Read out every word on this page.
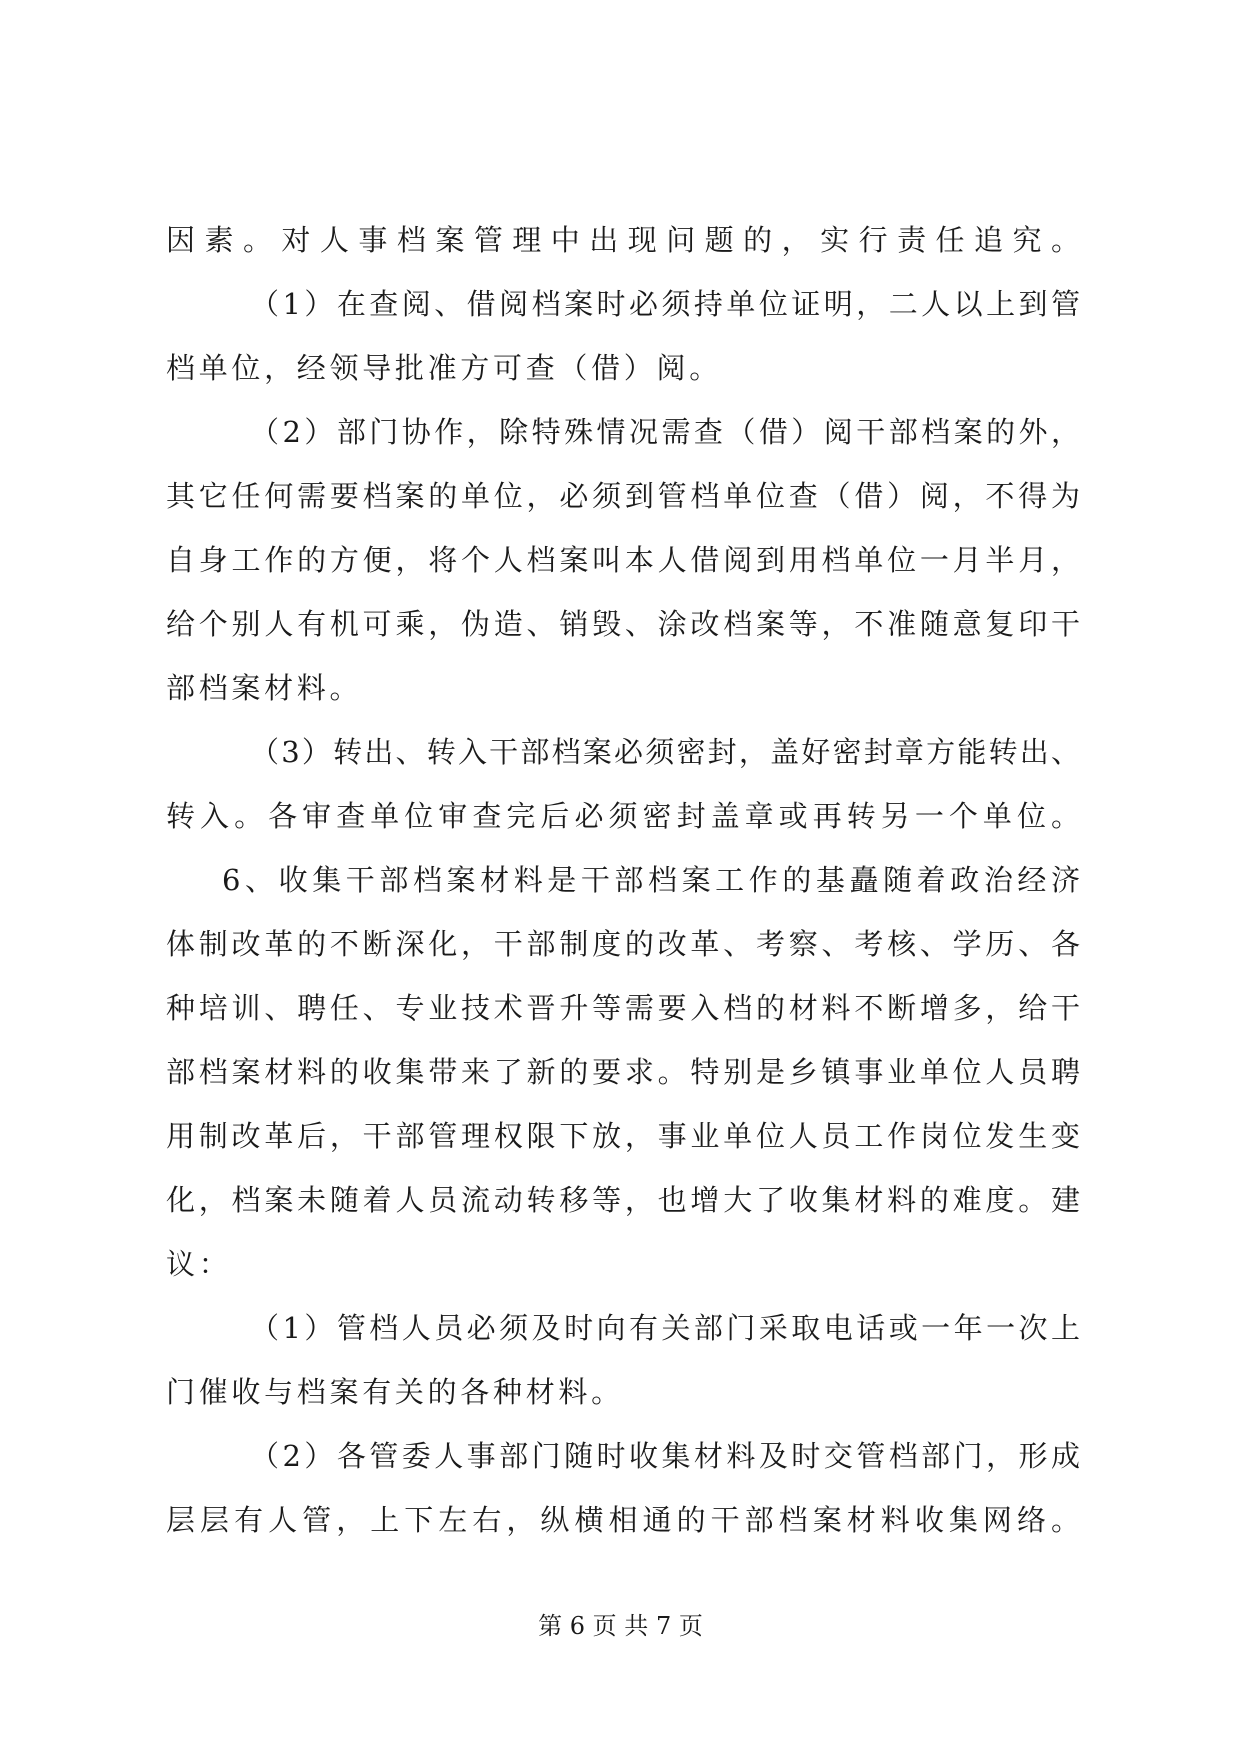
因素。对人事档案管理中出现问题的，实行责任追究。
（1）在查阅、借阅档案时必须持单位证明，二人以上到管
档单位，经领导批准方可查（借）阅。
（2）部门协作，除特殊情况需查（借）阅干部档案的外，
其它任何需要档案的单位，必须到管档单位查（借）阅，不得为
自身工作的方便，将个人档案叫本人借阅到用档单位一月半月，
给个别人有机可乘，伪造、销毁、涂改档案等，不准随意复印干
部档案材料。
（3）转出、转入干部档案必须密封，盖好密封章方能转出、
转入。各审查单位审查完后必须密封盖章或再转另一个单位。
6、收集干部档案材料是干部档案工作的基矗随着政治经济
体制改革的不断深化，干部制度的改革、考察、考核、学历、各
种培训、聘任、专业技术晋升等需要入档的材料不断增多，给干
部档案材料的收集带来了新的要求。特别是乡镇事业单位人员聘
用制改革后，干部管理权限下放，事业单位人员工作岗位发生变
化，档案未随着人员流动转移等，也增大了收集材料的难度。建
议：
（1）管档人员必须及时向有关部门采取电话或一年一次上
门催收与档案有关的各种材料。
（2）各管委人事部门随时收集材料及时交管档部门，形成
层层有人管，上下左右，纵横相通的干部档案材料收集网络。
第 6 页 共 7 页
